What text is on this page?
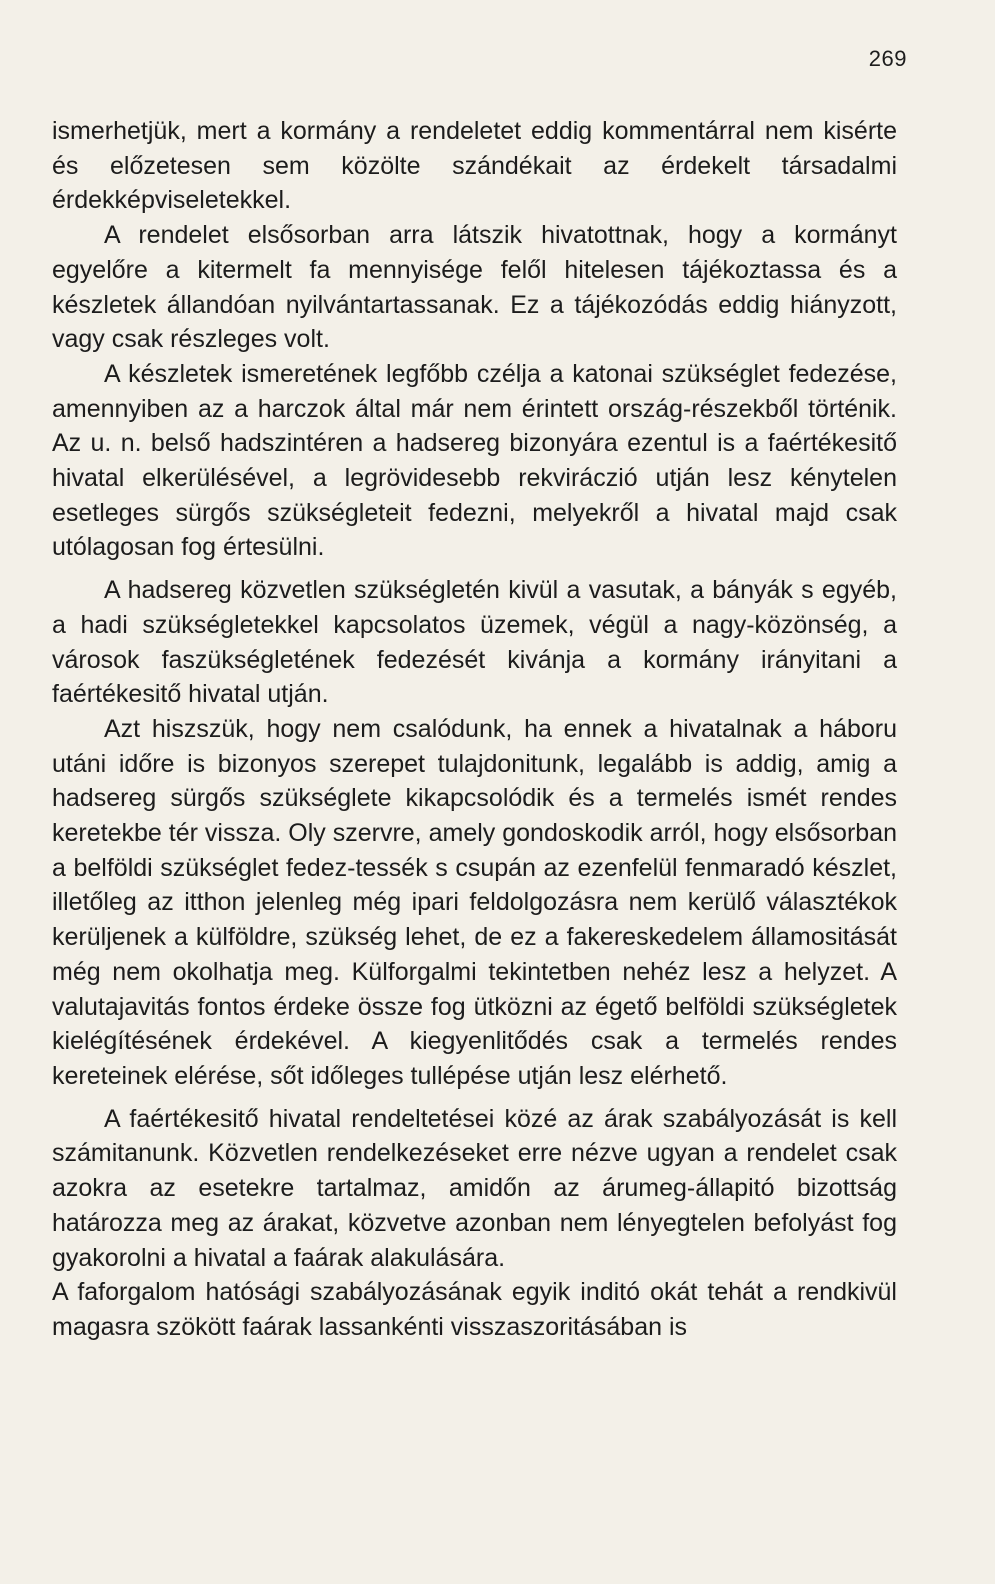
269

ismerhetjük, mert a kormány a rendeletet eddig kommentárral nem kisérte és előzetesen sem közölte szándékait az érdekelt társadalmi érdekképviseletekkel.

A rendelet elsősorban arra látszik hivatottnak, hogy a kormányt egyelőre a kitermelt fa mennyisége felől hitelesen tájékoztassa és a készletek állandóan nyilvántartassanak. Ez a tájékozódás eddig hiányzott, vagy csak részleges volt.

A készletek ismeretének legfőbb czélja a katonai szükséglet fedezése, amennyiben az a harczok által már nem érintett ország-részekből történik. Az u. n. belső hadszintéren a hadsereg bizonyára ezentul is a faértékesitő hivatal elkerülésével, a legrövidesebb rekviráczió utján lesz kénytelen esetleges sürgős szükségleteit fedezni, melyekről a hivatal majd csak utólagosan fog értesülni.

A hadsereg közvetlen szükségletén kivül a vasutak, a bányák s egyéb, a hadi szükségletekkel kapcsolatos üzemek, végül a nagy-közönség, a városok faszükségletének fedezését kivánja a kormány irányitani a faértékesitő hivatal utján.

Azt hiszszük, hogy nem csalódunk, ha ennek a hivatalnak a háboru utáni időre is bizonyos szerepet tulajdonitunk, legalább is addig, amig a hadsereg sürgős szükséglete kikapcsolódik és a termelés ismét rendes keretekbe tér vissza. Oly szervre, amely gondoskodik arról, hogy elsősorban a belföldi szükséglet fedez-tessék s csupán az ezenfelül fenmaradó készlet, illetőleg az itthon jelenleg még ipari feldolgozásra nem kerülő választékok kerüljenek a külföldre, szükség lehet, de ez a fakereskedelem államositását még nem okolhatja meg. Külforgalmi tekintetben nehéz lesz a helyzet. A valutajavitás fontos érdeke össze fog ütközni az égető belföldi szükségletek kielégítésének érdekével. A kiegyenlitődés csak a termelés rendes kereteinek elérése, sőt időleges tullépése utján lesz elérhető.

A faértékesitő hivatal rendeltetései közé az árak szabályozását is kell számitanunk. Közvetlen rendelkezéseket erre nézve ugyan a rendelet csak azokra az esetekre tartalmaz, amidőn az árumeg-állapitó bizottság határozza meg az árakat, közvetve azonban nem lényegtelen befolyást fog gyakorolni a hivatal a faárak alakulására.

A faforgalom hatósági szabályozásának egyik inditó okát tehát a rendkivül magasra szökött faárak lassankénti visszaszoritásában is
